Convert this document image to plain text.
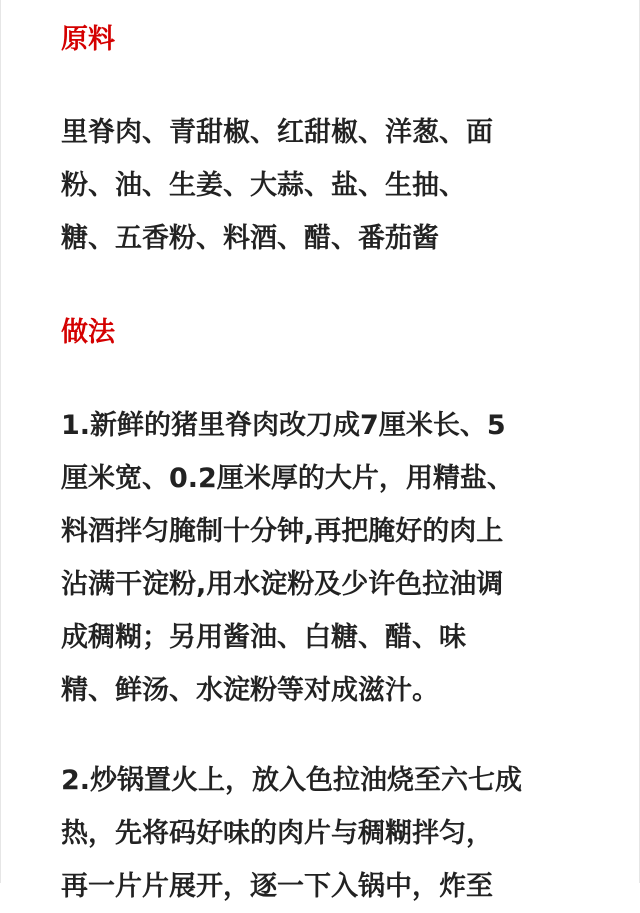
原料

里脊肉、青甜椒、红甜椒、洋葱、面
粉、油、生姜、大蒜、盐、生抽、
糖、五香粉、料酒、醋、番茄酱

做法

1.新鲜的猪里脊肉改刀成7厘米长、5
厘米宽、0.2厘米厚的大片，用精盐、
料酒拌匀腌制十分钟,再把腌好的肉上
沾满干淀粉,用水淀粉及少许色拉油调
成稠糊；另用酱油、白糖、醋、味
精、鲜汤、水淀粉等对成滋汁。

2.炒锅置火上，放入色拉油烧至六七成
热，先将码好味的肉片与稠糊拌匀，
再一片片展开，逐一下入锅中，炸至
